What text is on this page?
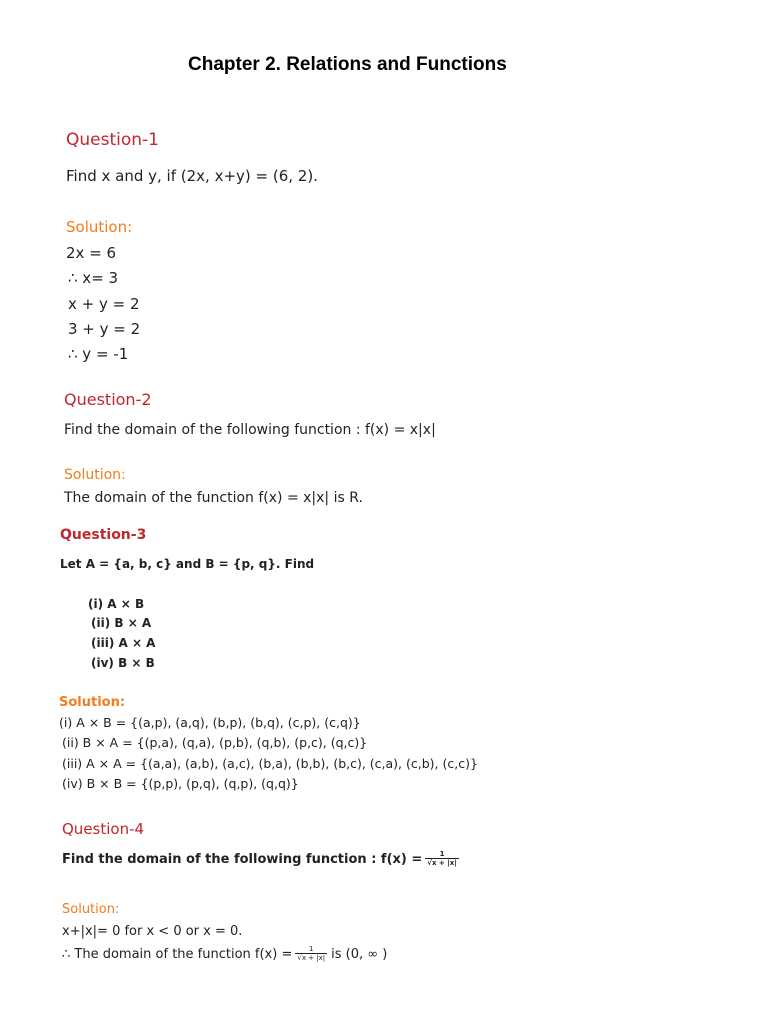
Chapter 2. Relations and Functions
Question-1
Find x and y, if (2x, x+y) = (6, 2).
Solution:
2x = 6
∴ x= 3
x + y = 2
3 + y = 2
∴ y = -1
Question-2
Find the domain of the following function : f(x) = x|x|
Solution:
The domain of the function f(x) = x|x| is R.
Question-3
Let A = {a, b, c} and B = {p, q}. Find
(i) A × B
(ii) B × A
(iii) A × A
(iv) B × B
Solution:
(i) A × B = {(a,p), (a,q), (b,p), (b,q), (c,p), (c,q)}
(ii) B × A = {(p,a), (q,a), (p,b), (q,b), (p,c), (q,c)}
(iii) A × A = {(a,a), (a,b), (a,c), (b,a), (b,b), (b,c), (c,a), (c,b), (c,c)}
(iv) B × B = {(p,p), (p,q), (q,p), (q,q)}
Question-4
Find the domain of the following function : $f(x) = \frac{1}{√x + |x|}$
Solution:
x+|x|= 0 for x < 0 or x = 0.
∴ The domain of the function $f(x) = \frac{1}{√x + |x|}$ is (0, ∞ )
